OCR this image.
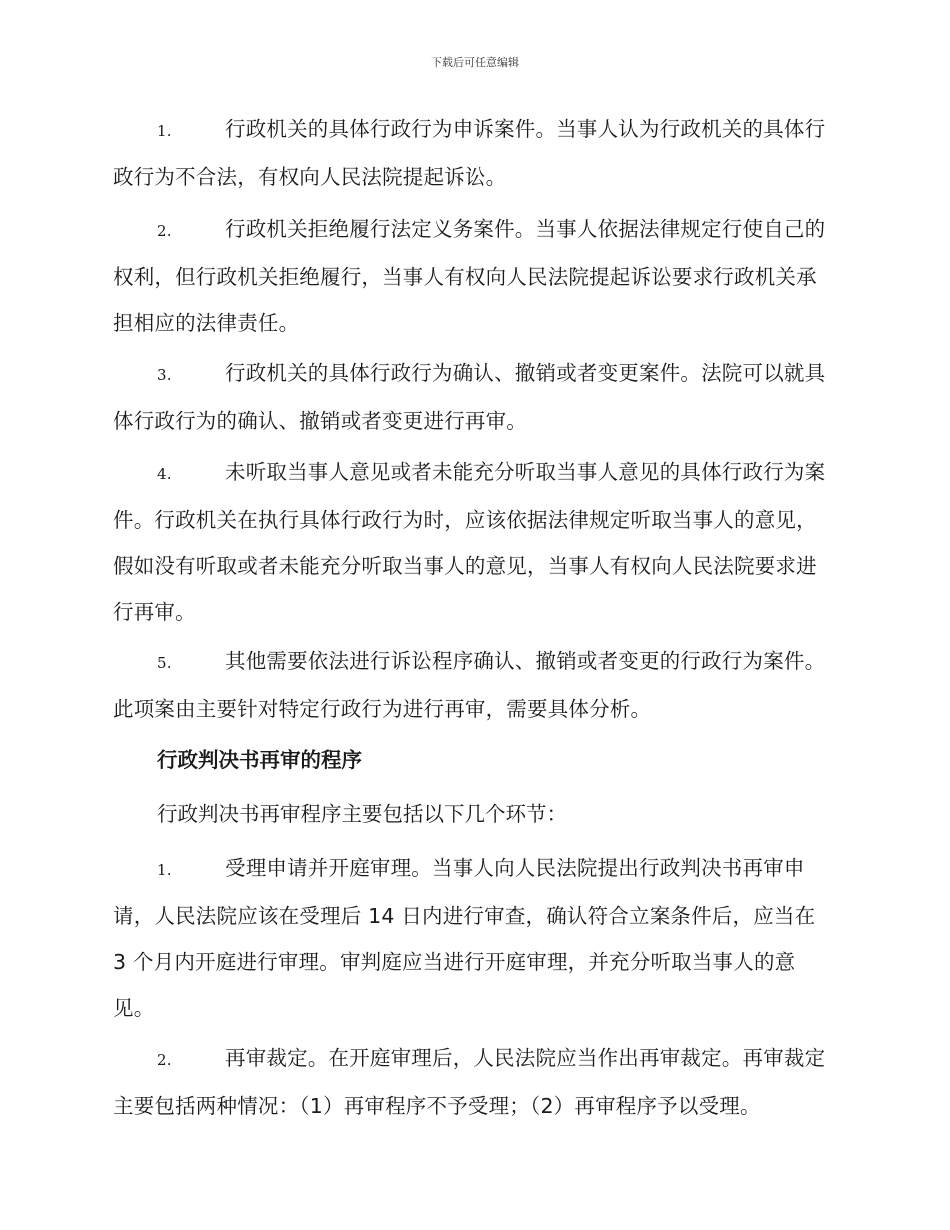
下载后可任意编辑
1.	行政机关的具体行政行为申诉案件。当事人认为行政机关的具体行政行为不合法，有权向人民法院提起诉讼。
2.	行政机关拒绝履行法定义务案件。当事人依据法律规定行使自己的权利，但行政机关拒绝履行，当事人有权向人民法院提起诉讼要求行政机关承担相应的法律责任。
3.	行政机关的具体行政行为确认、撤销或者变更案件。法院可以就具体行政行为的确认、撤销或者变更进行再审。
4.	未听取当事人意见或者未能充分听取当事人意见的具体行政行为案件。行政机关在执行具体行政行为时，应该依据法律规定听取当事人的意见，假如没有听取或者未能充分听取当事人的意见，当事人有权向人民法院要求进行再审。
5.	其他需要依法进行诉讼程序确认、撤销或者变更的行政行为案件。此项案由主要针对特定行政行为进行再审，需要具体分析。
行政判决书再审的程序
行政判决书再审程序主要包括以下几个环节：
1.	受理申请并开庭审理。当事人向人民法院提出行政判决书再审申请，人民法院应该在受理后 14 日内进行审查，确认符合立案条件后，应当在 3 个月内开庭进行审理。审判庭应当进行开庭审理，并充分听取当事人的意见。
2.	再审裁定。在开庭审理后，人民法院应当作出再审裁定。再审裁定主要包括两种情况：（1）再审程序不予受理；（2）再审程序予以受理。
